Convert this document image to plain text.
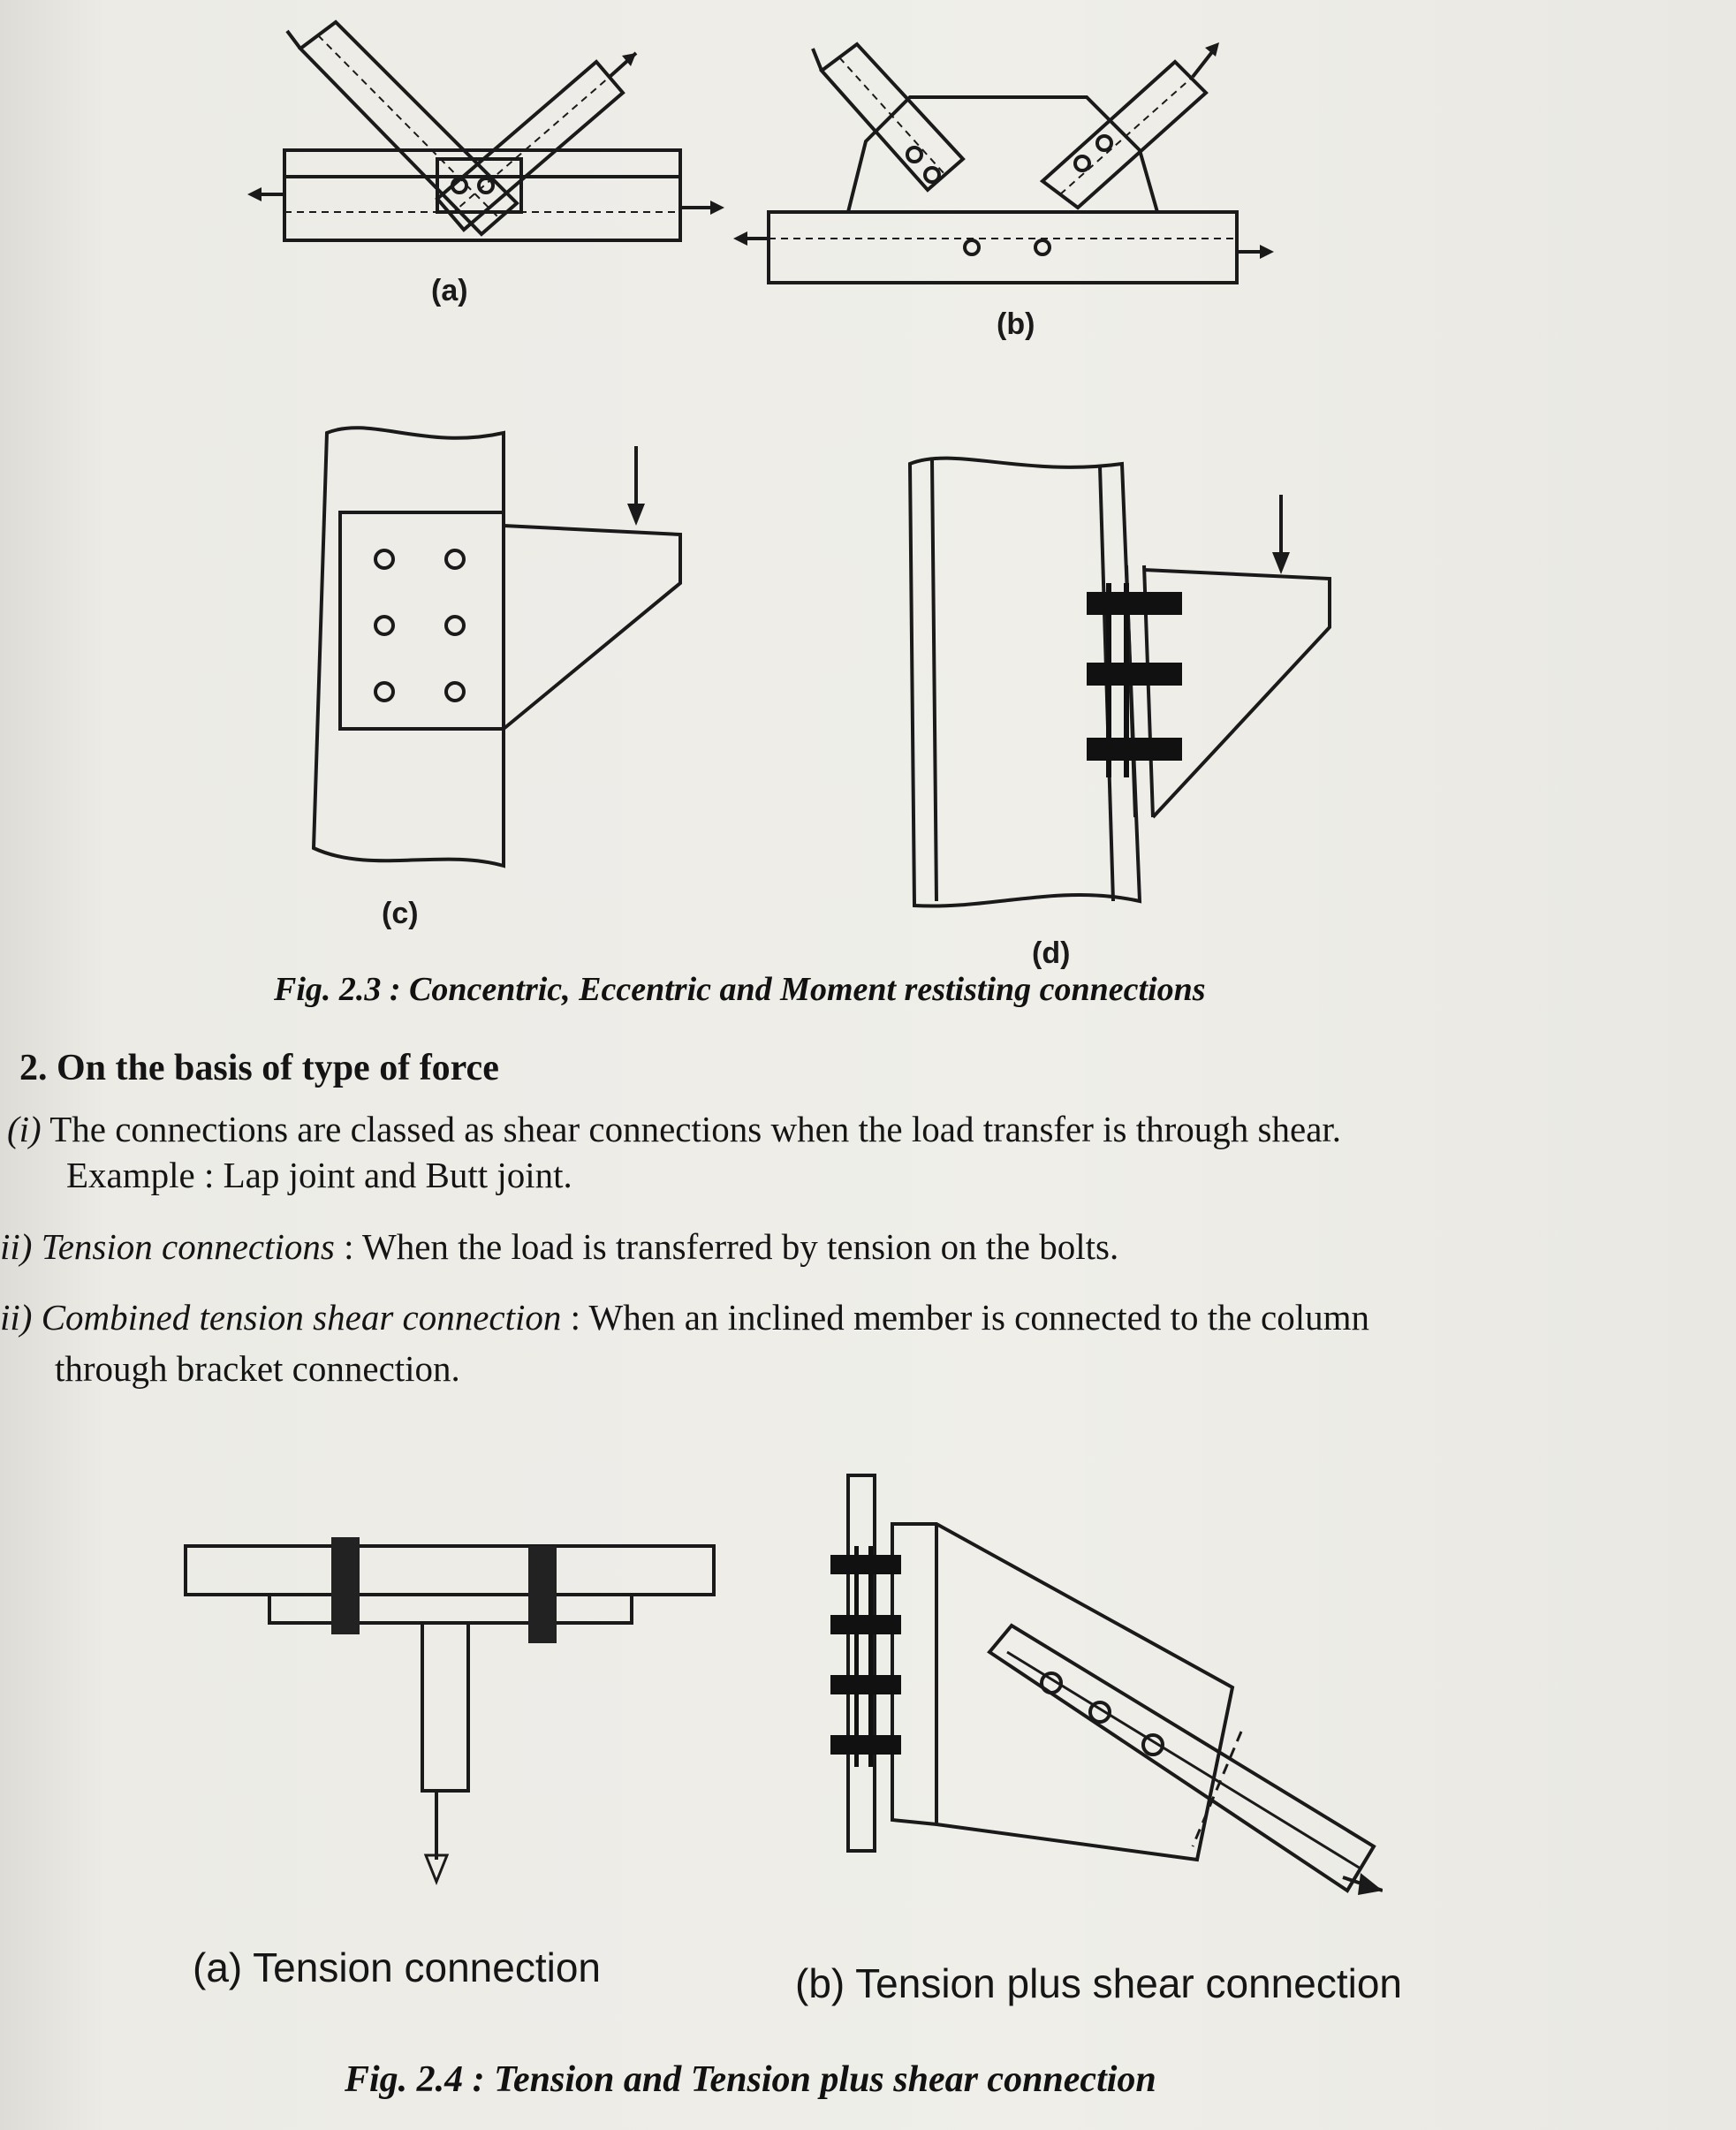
(a)
(b)
(c)
(d)
Fig. 2.3 : Concentric, Eccentric and Moment restisting connections
2. On the basis of type of force
(i) The connections are classed as shear connections when the load transfer is through shear.
Example : Lap joint and Butt joint.
ii) Tension connections : When the load is transferred by tension on the bolts.
ii) Combined tension shear connection : When an inclined member is connected to the column
through bracket connection.
(a) Tension connection	(b) Tension plus shear connection
Fig. 2.4 : Tension and Tension plus shear connection
